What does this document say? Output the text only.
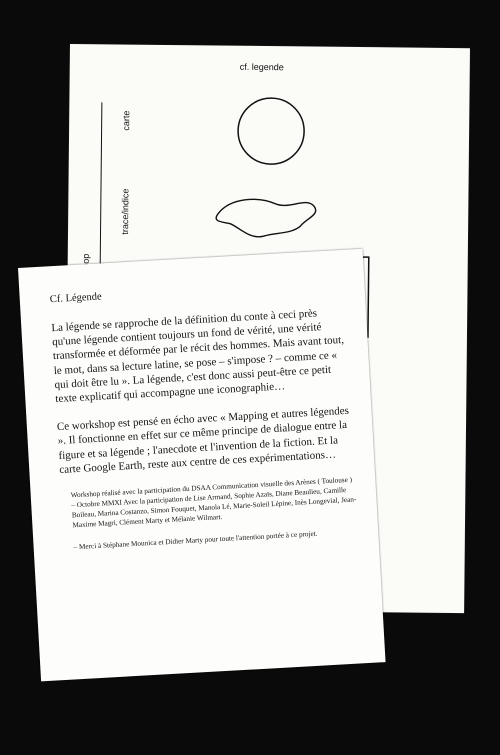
cf. legende
carte
trace/indice

Cf. Légende

La légende se rapproche de la définition du conte à ceci près qu'une légende contient toujours un fond de vérité, une vérité transformée et déformée par le récit des hommes. Mais avant tout, le mot, dans sa lecture latine, se pose – s'impose ? – comme ce « qui doit être lu ». La légende, c'est donc aussi peut-être ce petit texte explicatif qui accompagne une iconographie…

Ce workshop est pensé en écho avec « Mapping et autres légendes ». Il fonctionne en effet sur ce même principe de dialogue entre la figure et sa légende ; l'anecdote et l'invention de la fiction. Et la carte Google Earth, reste aux centre de ces expérimentations…

Workshop réalisé avec la participation du DSAA Communication visuelle des Arènes ( Toulouse ) – Octobre MMXI Avec la participation de Lise Armand, Sophie Azaïs, Diane Beaulieu, Camille Boileau, Marina Costanzo, Simon Fouquet, Manola Lé, Marie-Soleil Lépine, Inès Longevial, Jean-Maxime Magri, Clément Marty et Mélanie Wilmart.

– Merci à Stéphane Mounica et Didier Marty pour toute l'attention portée à ce projet.
